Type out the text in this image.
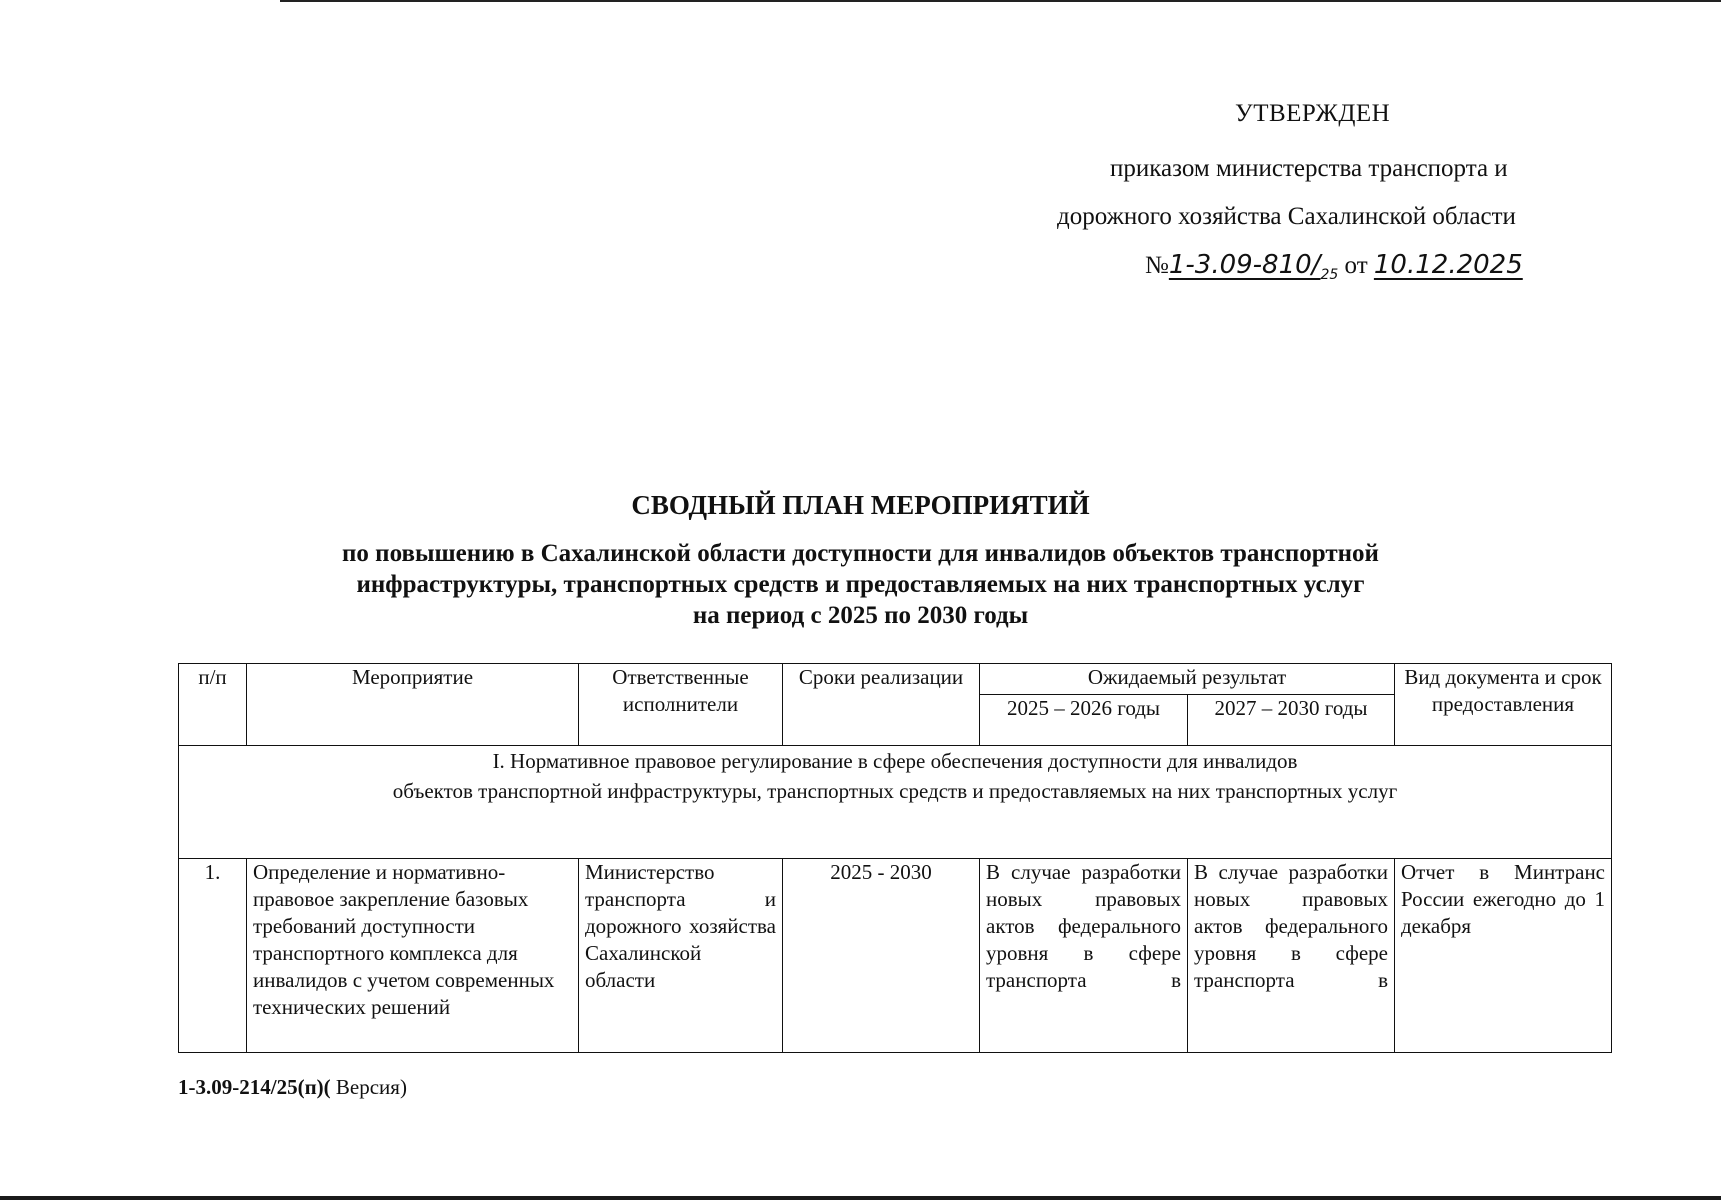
УТВЕРЖДЕН
приказом министерства транспорта и
дорожного хозяйства Сахалинской области
$№1-3.09-810/_{25}$ от 10.12.2025
СВОДНЫЙ ПЛАН МЕРОПРИЯТИЙ
по повышению в Сахалинской области доступности для инвалидов объектов транспортной
инфраструктуры, транспортных средств и предоставляемых на них транспортных услуг
на период с 2025 по 2030 годы
п/п	Мероприятие	Ответственные исполнители	Сроки реализации	Ожидаемый результат		Вид документа и срок предоставления
				2025 – 2026 годы	2027 – 2030 годы	

I. Нормативное правовое регулирование в сфере обеспечения доступности для инвалидов
объектов транспортной инфраструктуры, транспортных средств и предоставляемых на них транспортных услуг						

1.	Определение и нормативно-правовое закрепление базовых требований доступности транспортного комплекса для инвалидов с учетом современных технических решений	Министерство транспорта и дорожного хозяйства Сахалинской области	2025 - 2030	В случае разработки новых правовых актов федерального уровня в сфере транспорта в	В случае разработки новых правовых актов федерального уровня в сфере транспорта в	Отчет в Минтранс России ежегодно до 1 декабря
1-3.09-214/25(п)( Версия)
